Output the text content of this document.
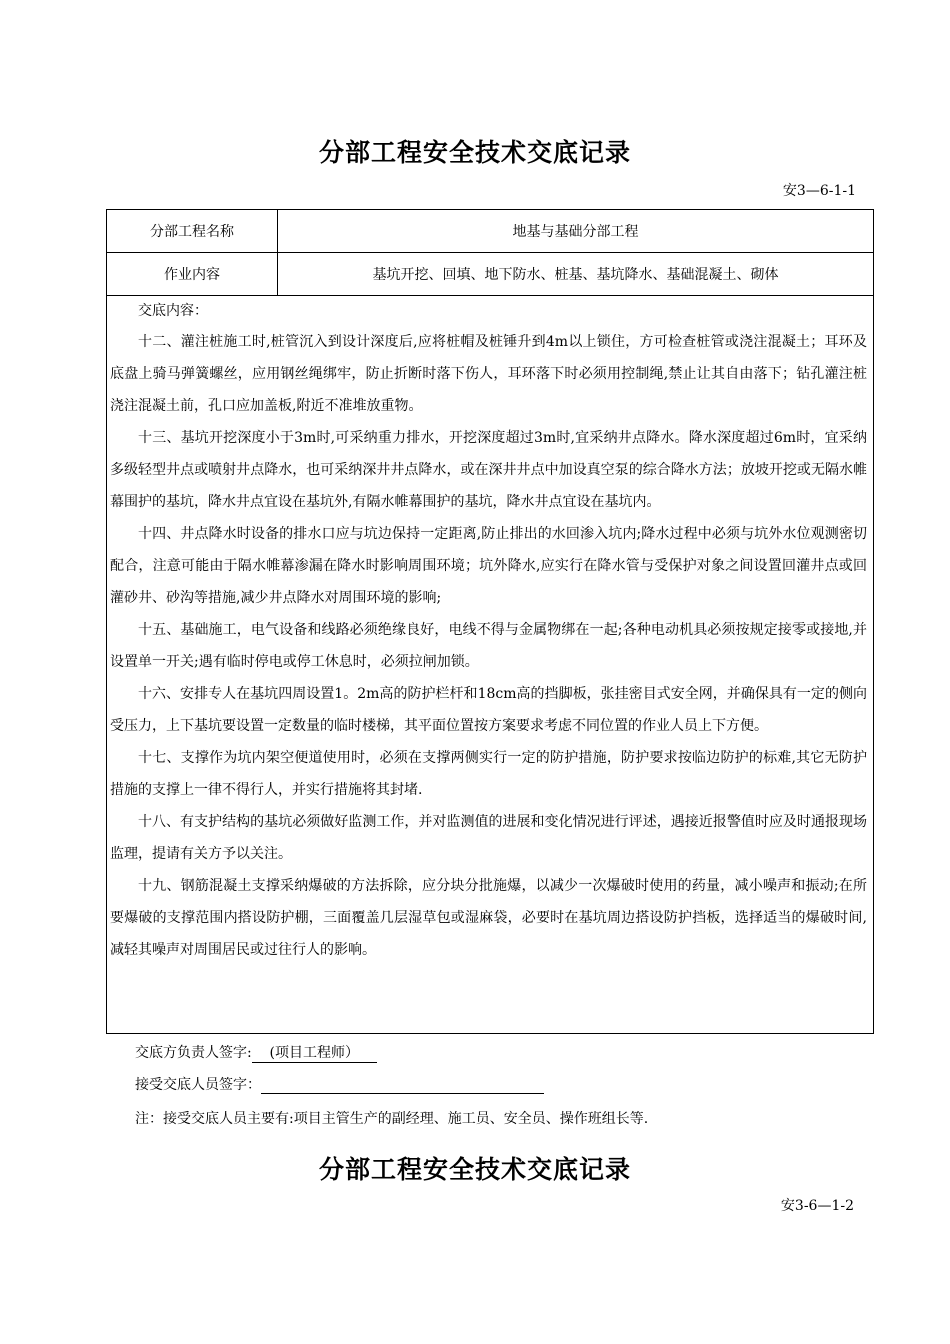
分部工程安全技术交底记录
安3—6-1-1
分部工程名称	地基与基础分部工程
作业内容	基坑开挖、回填、地下防水、桩基、基坑降水、基础混凝土、砌体

交底内容：

十二、灌注桩施工时,桩管沉入到设计深度后,应将桩帽及桩锤升到4m以上锁住，方可检查桩管或浇注混凝土；耳环及底盘上骑马弹簧螺丝，应用钢丝绳绑牢，防止折断时落下伤人，耳环落下时必须用控制绳,禁止让其自由落下；钻孔灌注桩浇注混凝土前，孔口应加盖板,附近不准堆放重物。

十三、基坑开挖深度小于3m时,可采纳重力排水，开挖深度超过3m时,宜采纳井点降水。降水深度超过6m时，宜采纳多级轻型井点或喷射井点降水，也可采纳深井井点降水，或在深井井点中加设真空泵的综合降水方法；放坡开挖或无隔水帷幕围护的基坑，降水井点宜设在基坑外,有隔水帷幕围护的基坑，降水井点宜设在基坑内。

十四、井点降水时设备的排水口应与坑边保持一定距离,防止排出的水回渗入坑内;降水过程中必须与坑外水位观测密切配合，注意可能由于隔水帷幕渗漏在降水时影响周围环境；坑外降水,应实行在降水管与受保护对象之间设置回灌井点或回灌砂井、砂沟等措施,减少井点降水对周围环境的影响;

十五、基础施工，电气设备和线路必须绝缘良好，电线不得与金属物绑在一起;各种电动机具必须按规定接零或接地,并设置单一开关;遇有临时停电或停工休息时，必须拉闸加锁。

十六、安排专人在基坑四周设置1。2m高的防护栏杆和18cm高的挡脚板，张挂密目式安全网，并确保具有一定的侧向受压力，上下基坑要设置一定数量的临时楼梯，其平面位置按方案要求考虑不同位置的作业人员上下方便。

十七、支撑作为坑内架空便道使用时，必须在支撑两侧实行一定的防护措施，防护要求按临边防护的标难,其它无防护措施的支撑上一律不得行人，并实行措施将其封堵.

十八、有支护结构的基坑必须做好监测工作，并对监测值的进展和变化情况进行评述，遇接近报警值时应及时通报现场监理，提请有关方予以关注。

十九、钢筋混凝土支撑采纳爆破的方法拆除，应分块分批施爆，以减少一次爆破时使用的药量，减小噪声和振动;在所要爆破的支撑范围内搭设防护棚，三面覆盖几层湿草包或湿麻袋，必要时在基坑周边搭设防护挡板，选择适当的爆破时间,减轻其噪声对周围居民或过往行人的影响。

交底方负责人签字: (项目工程师）
接受交底人员签字：
注：接受交底人员主要有:项目主管生产的副经理、施工员、安全员、操作班组长等.
分部工程安全技术交底记录
安3-6—1-2
